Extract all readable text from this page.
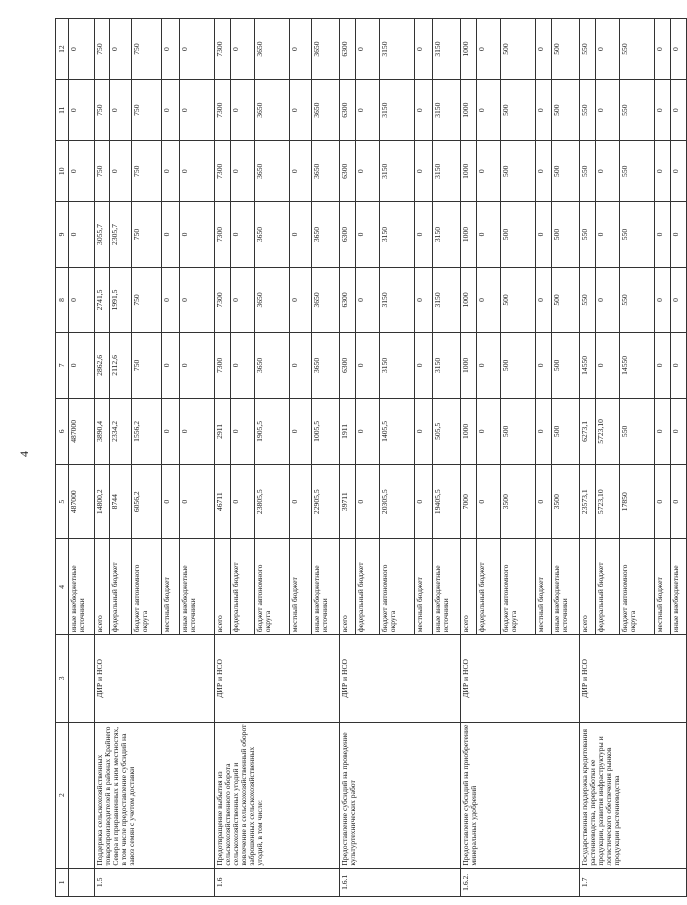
4
1	2	3	4	5	6	7	8	9	10	11	12
			иные внебюджетные источники	487000	487000	0	0	0	0	0	0
1.5	Поддержка сельскохозяйственных товаропроизводителей в районах Крайнего Севера и приравненных к ним местностях, в том числе предоставление субсидий на завоз семян с учетом доставки	ДИР и НСО	всего	14800,2	3890,4	2862,6	2741,5	3055,7	750	750	750
			федеральный бюджет	8744	2334,2	2112,6	1991,5	2305,7	0	0	0
			бюджет автономного округа	6056,2	1556,2	750	750	750	750	750	750
			местный бюджет	0	0	0	0	0	0	0	0
			иные внебюджетные источники	0	0	0	0	0	0	0	0
1.6	Предотвращение выбытия из сельскохозяйственного оборота сельскохозяйственных угодий и вовлечение в сельскохозяйственный оборот заброшенных сельскохозяйственных угодий, в том числе:	ДИР и НСО	всего	46711	2911	7300	7300	7300	7300	7300	7300
			федеральный бюджет	0	0	0	0	0	0	0	0
			бюджет автономного округа	23805,5	1905,5	3650	3650	3650	3650	3650	3650
			местный бюджет	0	0	0	0	0	0	0	0
			иные внебюджетные источники	22905,5	1005,5	3650	3650	3650	3650	3650	3650
1.6.1	Предоставление субсидий на проведение культуртехнических работ	ДИР и НСО	всего	39711	1911	6300	6300	6300	6300	6300	6300
			федеральный бюджет	0	0	0	0	0	0	0	0
			бюджет автономного округа	20305,5	1405,5	3150	3150	3150	3150	3150	3150
			местный бюджет	0	0	0	0	0	0	0	0
			иные внебюджетные источники	19405,5	505,5	3150	3150	3150	3150	3150	3150
1.6.2.	Предоставление субсидий на приобретение минеральных удобрений	ДИР и НСО	всего	7000	1000	1000	1000	1000	1000	1000	1000
			федеральный бюджет	0	0	0	0	0	0	0	0
			бюджет автономного округа	3500	500	500	500	500	500	500	500
			местный бюджет	0	0	0	0	0	0	0	0
			иные внебюджетные источники	3500	500	500	500	500	500	500	500
1.7	Государственная поддержка кредитования растениеводства, переработки ее продукции, развития инфраструктуры и логистического обеспечения рынков продукции растениеводства	ДИР и НСО	всего	23573,1	6273,1	14550	550	550	550	550	550
			федеральный бюджет	5723,10	5723,10	0	0	0	0	0	0
			бюджет автономного округа	17850	550	14550	550	550	550	550	550
			местный бюджет	0	0	0	0	0	0	0	0
			иные внебюджетные	0	0	0	0	0	0	0	0
